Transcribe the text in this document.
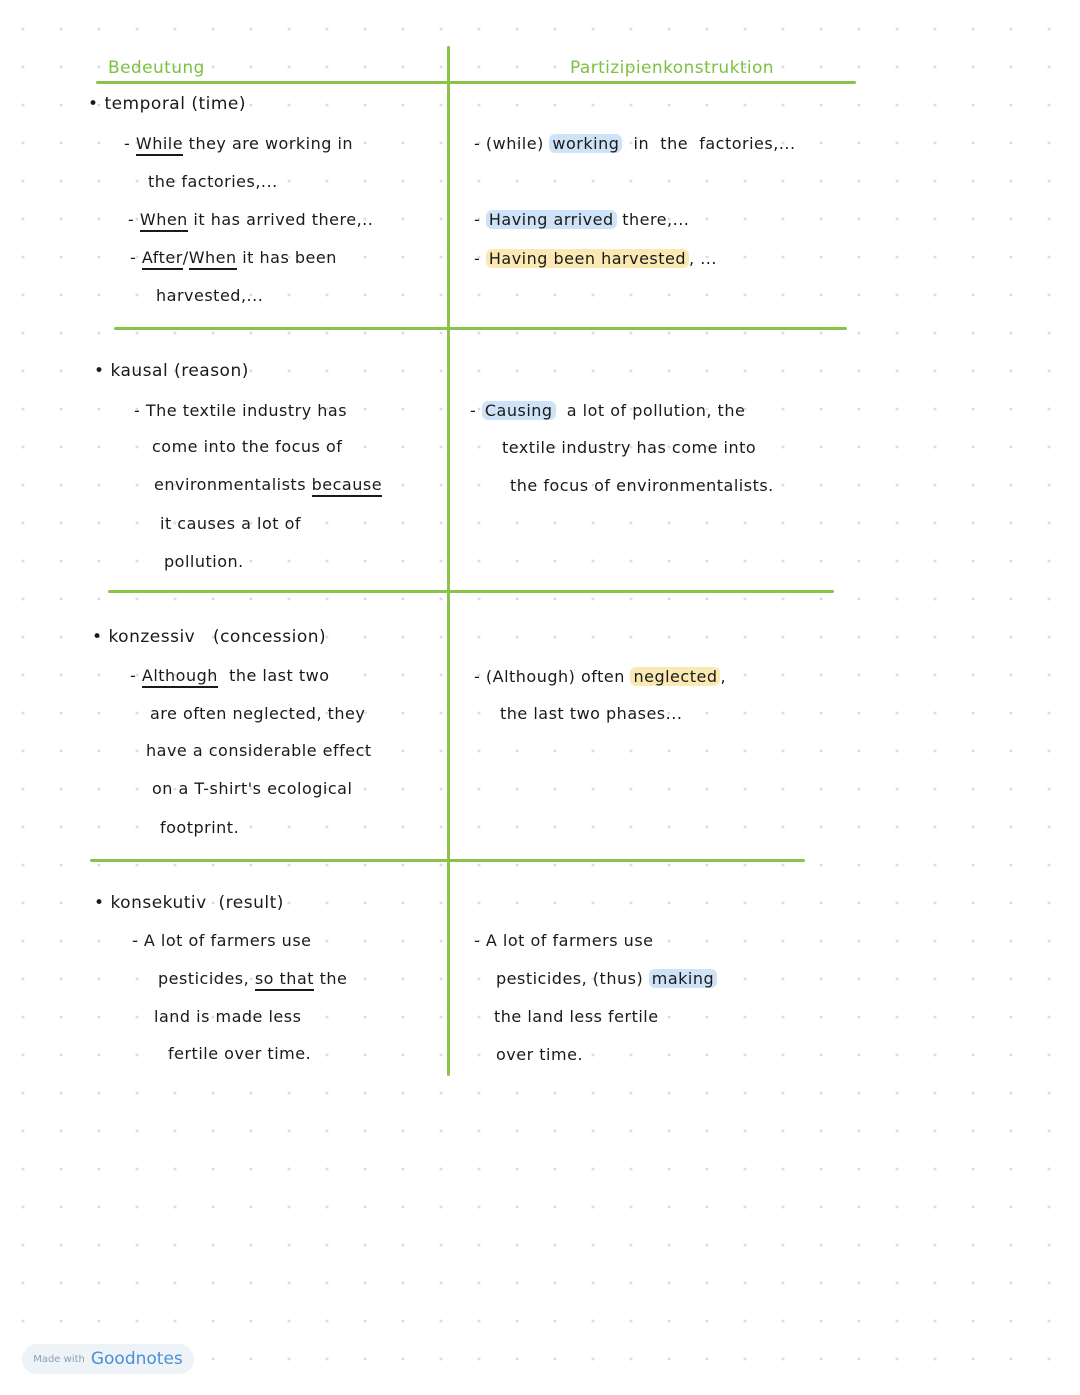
Bedeutung	Partizipienkonstruktion
• temporal (time)
- While they are working in
the factories,...
- When it has arrived there,..
- After/When it has been
harvested,...
- (while) working  in  the  factories,...
- Having arrived there,...
- Having been harvested , ...
• kausal (reason)
- The textile industry has
come into the focus of
environmentalists because
it causes a lot of
pollution.
- Causing  a lot of pollution, the
textile industry has come into
the focus of environmentalists.
• konzessiv   (concession)
- Although  the last two
are often neglected, they
have a considerable effect
on a T-shirt's ecological
footprint.
- (Although) often neglected ,
the last two phases...
• konsekutiv  (result)
- A lot of farmers use
pesticides, so that the
land is made less
fertile over time.
- A lot of farmers use
pesticides, (thus) making
the land less fertile
over time.
Made with Goodnotes
